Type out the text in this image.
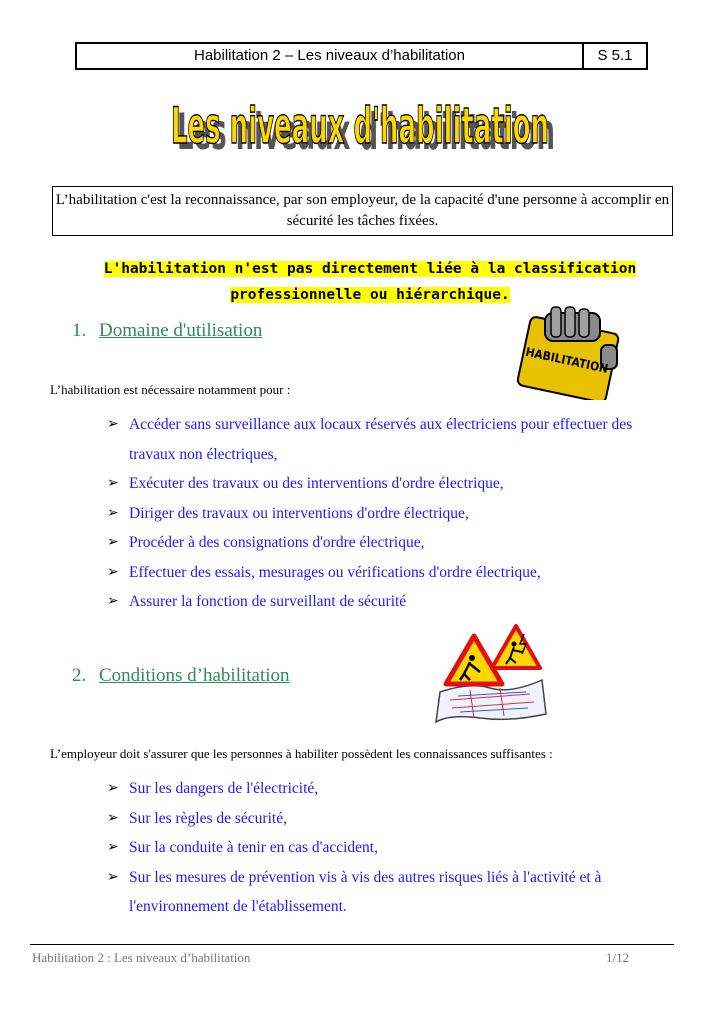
Habilitation 2 – Les niveaux d’habilitation	S 5.1
Les niveaux d'habilitation
Les niveaux d'habilitation
L’habilitation c'est la reconnaissance, par son employeur, de la capacité d'une personne à accomplir en sécurité les tâches fixées.
L'habilitation n'est pas directement liée à la classification
professionnelle ou hiérarchique.
1. Domaine d'utilisation
HABILITATION
L’habilitation est nécessaire notamment pour :
➢ Accéder sans surveillance aux locaux réservés aux électriciens pour effectuer des travaux non électriques,
➢ Exécuter des travaux ou des interventions d'ordre électrique,
➢ Diriger des travaux ou interventions d'ordre électrique,
➢ Procéder à des consignations d'ordre électrique,
➢ Effectuer des essais, mesurages ou vérifications d'ordre électrique,
➢ Assurer la fonction de surveillant de sécurité
2. Conditions d’habilitation
L’employeur doit s'assurer que les personnes à habiliter possèdent les connaissances suffisantes :
➢ Sur les dangers de l'électricité,
➢ Sur les règles de sécurité,
➢ Sur la conduite à tenir en cas d'accident,
➢ Sur les mesures de prévention vis à vis des autres risques liés à l'activité et à l'environnement de l'établissement.
Habilitation 2 : Les niveaux d’habilitation	1/12
